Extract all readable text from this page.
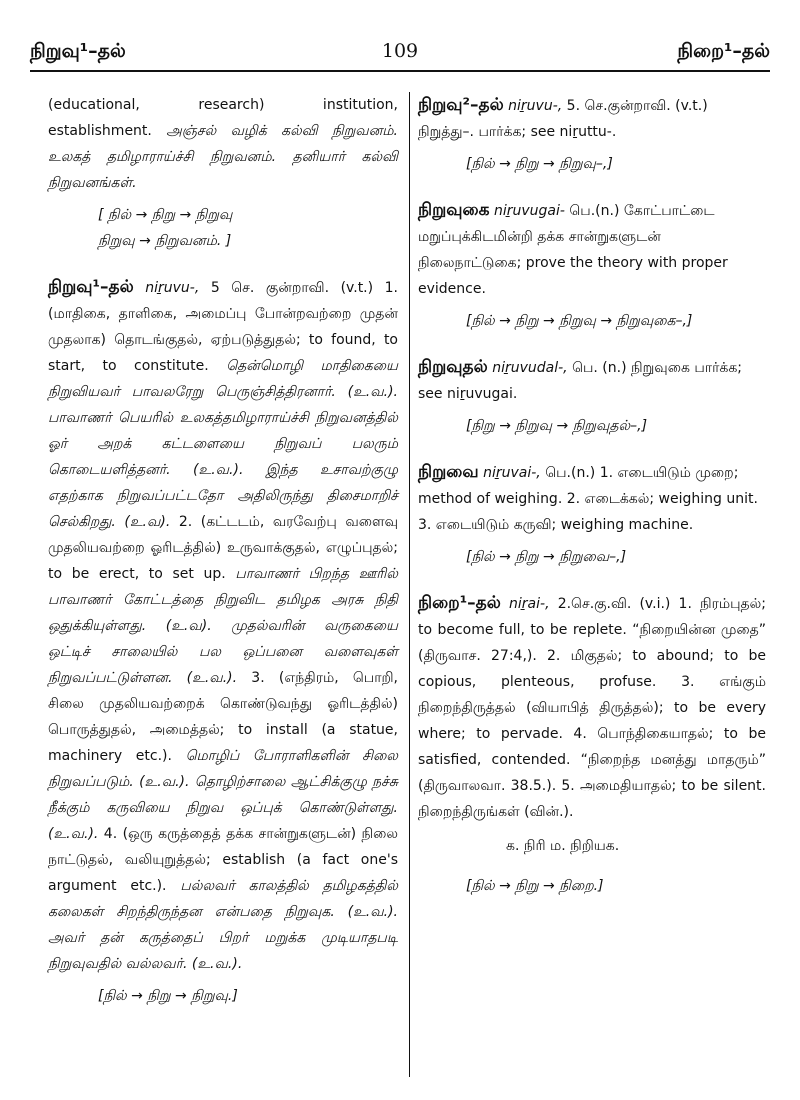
நிறுவு¹–தல்	109	நிறை¹–தல்

(educational, research) institution, establishment. அஞ்சல் வழிக் கல்வி நிறுவனம். உலகத் தமிழாராய்ச்சி நிறுவனம். தனியார் கல்வி நிறுவனங்கள்.

[ நில் → நிறு → நிறுவு

நிறுவு → நிறுவனம். ]

நிறுவு¹–தல் niṟuvu-, 5 செ. குன்றாவி. (v.t.) 1. (மாதிகை, தாளிகை, அமைப்பு போன்றவற்றை முதன் முதலாக) தொடங்குதல், ஏற்படுத்துதல்; to found, to start, to constitute. தென்மொழி மாதிகையை நிறுவியவர் பாவலரேறு பெருஞ்சித்திரனார். (உ.வ.). பாவாணர் பெயரில் உலகத்தமிழாராய்ச்சி நிறுவனத்தில் ஓர் அறக் கட்டளையை நிறுவப் பலரும் கொடையளித்தனர். (உ.வ.). இந்த உசாவற்குழு எதற்காக நிறுவப்பட்டதோ அதிலிருந்து திசைமாறிச் செல்கிறது. (உ.வ). 2. (கட்டடம், வரவேற்பு வளைவு முதலியவற்றை ஓரிடத்தில்) உருவாக்குதல், எழுப்புதல்; to be erect, to set up. பாவாணர் பிறந்த ஊரில் பாவாணர் கோட்டத்தை நிறுவிட தமிழக அரசு நிதி ஒதுக்கியுள்ளது. (உ.வ). முதல்வரின் வருகையை ஒட்டிச் சாலையில் பல ஒப்பனை வளைவுகள் நிறுவப்பட்டுள்ளன. (உ.வ.). 3. (எந்திரம், பொறி, சிலை முதலியவற்றைக் கொண்டுவந்து ஓரிடத்தில்) பொருத்துதல், அமைத்தல்; to install (a statue, machinery etc.). மொழிப் போராளிகளின் சிலை நிறுவப்படும். (உ.வ.). தொழிற்சாலை ஆட்சிக்குழு நச்சு நீக்கும் கருவியை நிறுவ ஒப்புக் கொண்டுள்ளது. (உ.வ.). 4. (ஒரு கருத்தைத் தக்க சான்றுகளுடன்) நிலை நாட்டுதல், வலியுறுத்தல்; establish (a fact one's argument etc.). பல்லவர் காலத்தில் தமிழகத்தில் கலைகள் சிறந்திருந்தன என்பதை நிறுவுக. (உ.வ.). அவர் தன் கருத்தைப் பிறர் மறுக்க முடியாதபடி நிறுவுவதில் வல்லவர். (உ.வ.).

[நில் → நிறு → நிறுவு.]

நிறுவு²–தல் niṟuvu-, 5. செ.குன்றாவி. (v.t.) நிறுத்து–. பார்க்க; see niṟuttu-.

[நில் → நிறு → நிறுவு–,]

நிறுவுகை niṟuvugai- பெ.(n.) கோட்பாட்டை மறுப்புக்கிடமின்றி தக்க சான்றுகளுடன் நிலைநாட்டுகை; prove the theory with proper evidence.

[நில் → நிறு → நிறுவு → நிறுவுகை–,]

நிறுவுதல் niṟuvudal-, பெ. (n.) நிறுவுகை பார்க்க; see niṟuvugai.

[நிறு → நிறுவு → நிறுவுதல்–,]

நிறுவை niṟuvai-, பெ.(n.) 1. எடையிடும் முறை; method of weighing. 2. எடைக்கல்; weighing unit. 3. எடையிடும் கருவி; weighing machine.

[நில் → நிறு → நிறுவை–,]

நிறை¹–தல் niṟai-, 2.செ.கு.வி. (v.i.) 1. நிரம்புதல்; to become full, to be replete. “நிறையின்ன முதை” (திருவாச. 27:4,). 2. மிகுதல்; to abound; to be copious, plenteous, profuse. 3. எங்கும் நிறைந்திருத்தல் (வியாபித் திருத்தல்); to be every where; to pervade. 4. பொந்திகையாதல்; to be satisfied, contended. “நிறைந்த மனத்து மாதரும்” (திருவாலவா. 38.5.). 5. அமைதியாதல்; to be silent. நிறைந்திருங்கள் (வின்.).

க. நிரி ம. நிறியக.

[நில் → நிறு → நிறை.]
